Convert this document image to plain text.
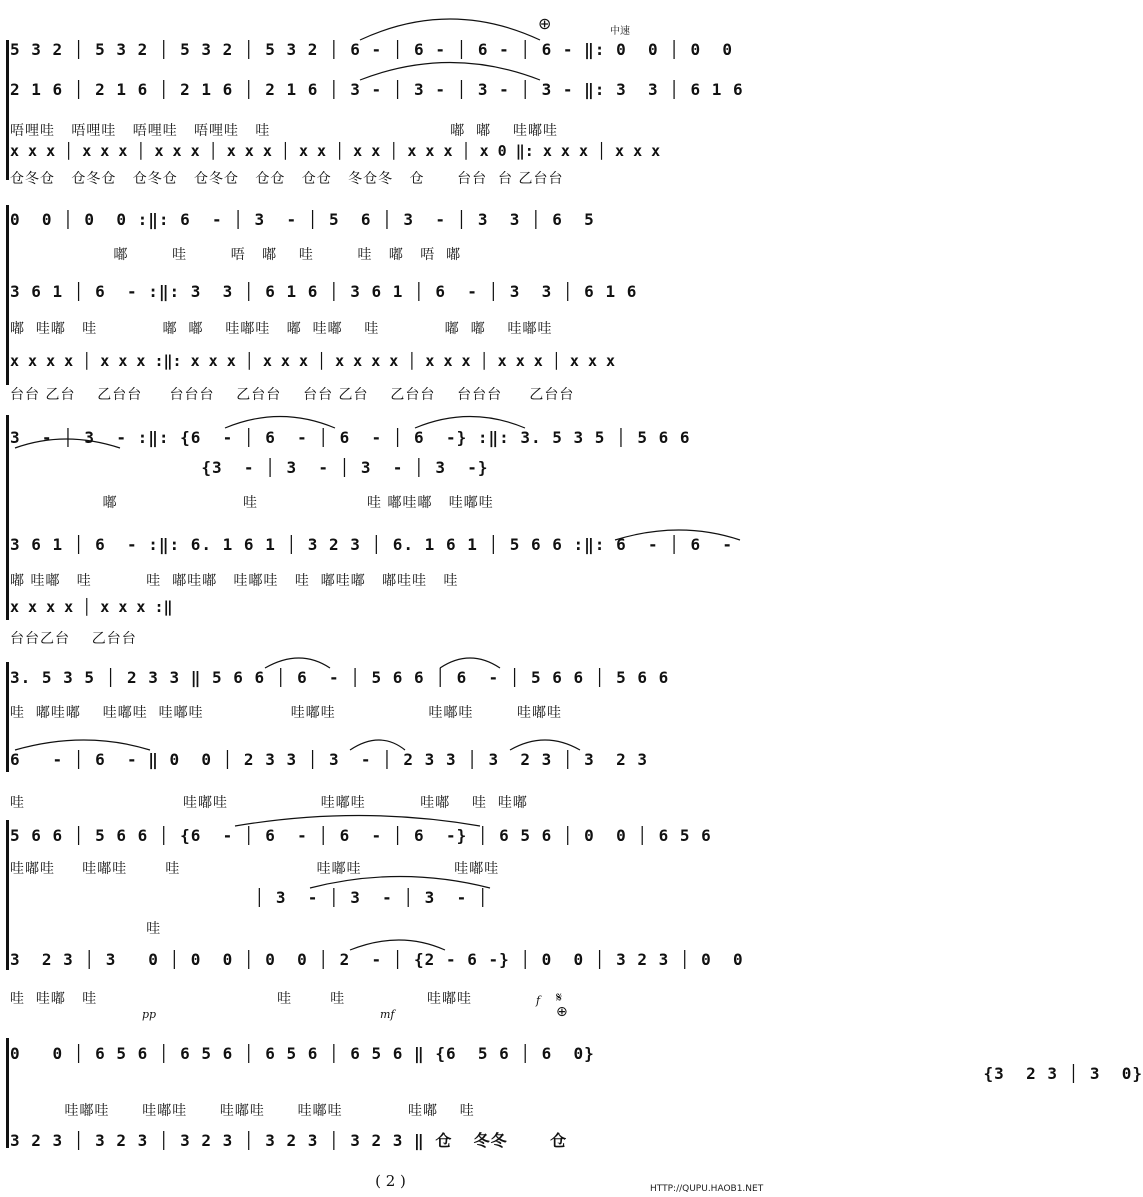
中速
⊕
5 3 2 │ 5 3 2 │ 5 3 2 │ 5 3 2 │ 6 - │ 6 - │ 6 - │ 6 - ‖: 0  0 │ 0  0
2 1 6 │ 2 1 6 │ 2 1 6 │ 2 1 6 │ 3 - │ 3 - │ 3 - │ 3 - ‖: 3  3 │ 6 1 6
唔哩哇   唔哩哇   唔哩哇   唔哩哇   哇                                 嘟  嘟    哇嘟哇
x x x │ x x x │ x x x │ x x x │ x x │ x x │ x x x │ x 0 ‖: x x x │ x x x
仓冬仓   仓冬仓   仓冬仓   仓冬仓   仓仓   仓仓   冬仓冬   仓      台台  台 乙台台
0  0 │ 0  0 :‖: 6  - │ 3  - │ 5  6 │ 3  - │ 3  3 │ 6  5
嘟        哇        唔   嘟    哇        哇   嘟   唔  嘟
3 6 1 │ 6  - :‖: 3  3 │ 6 1 6 │ 3 6 1 │ 6  - │ 3  3 │ 6 1 6
嘟  哇嘟   哇            嘟  嘟    哇嘟哇   嘟  哇嘟    哇            嘟  嘟    哇嘟哇
x x x x │ x x x :‖: x x x │ x x x │ x x x x │ x x x │ x x x │ x x x
台台 乙台    乙台台     台台台    乙台台    台台 乙台    乙台台    台台台     乙台台
3  - │ 3  - :‖: {6  - │ 6  - │ 6  - │ 6  -} :‖: 3. 5 3 5 │ 5 6 6
{3  - │ 3  - │ 3  - │ 3  -}
嘟                       哇                    哇 嘟哇嘟   哇嘟哇
3 6 1 │ 6  - :‖: 6. 1 6 1 │ 3 2 3 │ 6. 1 6 1 │ 5 6 6 :‖: 6  - │ 6  -
嘟 哇嘟   哇          哇  嘟哇嘟   哇嘟哇   哇  嘟哇嘟   嘟哇哇   哇
x x x x │ x x x :‖
台台乙台    乙台台
3. 5 3 5 │ 2 3 3 ‖ 5 6 6 │ 6  - │ 5 6 6 │ 6  - │ 5 6 6 │ 5 6 6
哇  嘟哇嘟    哇嘟哇  哇嘟哇                哇嘟哇                 哇嘟哇        哇嘟哇
6   - │ 6  - ‖ 0  0 │ 2 3 3 │ 3  - │ 2 3 3 │ 3  2 3 │ 3  2 3
哇                             哇嘟哇                 哇嘟哇          哇嘟    哇  哇嘟
5 6 6 │ 5 6 6 │ {6  - │ 6  - │ 6  - │ 6  -} │ 6 5 6 │ 0  0 │ 6 5 6
哇嘟哇     哇嘟哇       哇                         哇嘟哇                 哇嘟哇
│ 3  - │ 3  - │ 3  - │
哇
3  2 3 │ 3   0 │ 0  0 │ 0  0 │ 2  - │ {2 - 6 -} │ 0  0 │ 3 2 3 │ 0  0
哇  哇嘟   哇                                 哇       哇               哇嘟哇
pp	mf
f 𝄋
⊕
0   0 │ 6 5 6 │ 6 5 6 │ 6 5 6 │ 6 5 6 ‖ {6  5 6 │ 6  0}
{3  2 3 │ 3  0}
哇嘟哇      哇嘟哇      哇嘟哇      哇嘟哇            哇嘟    哇
3 2 3 │ 3 2 3 │ 3 2 3 │ 3 2 3 │ 3 2 3 ‖ 仓  冬冬    仓
( 2 )	HTTP://QUPU.HAOB1.NET
